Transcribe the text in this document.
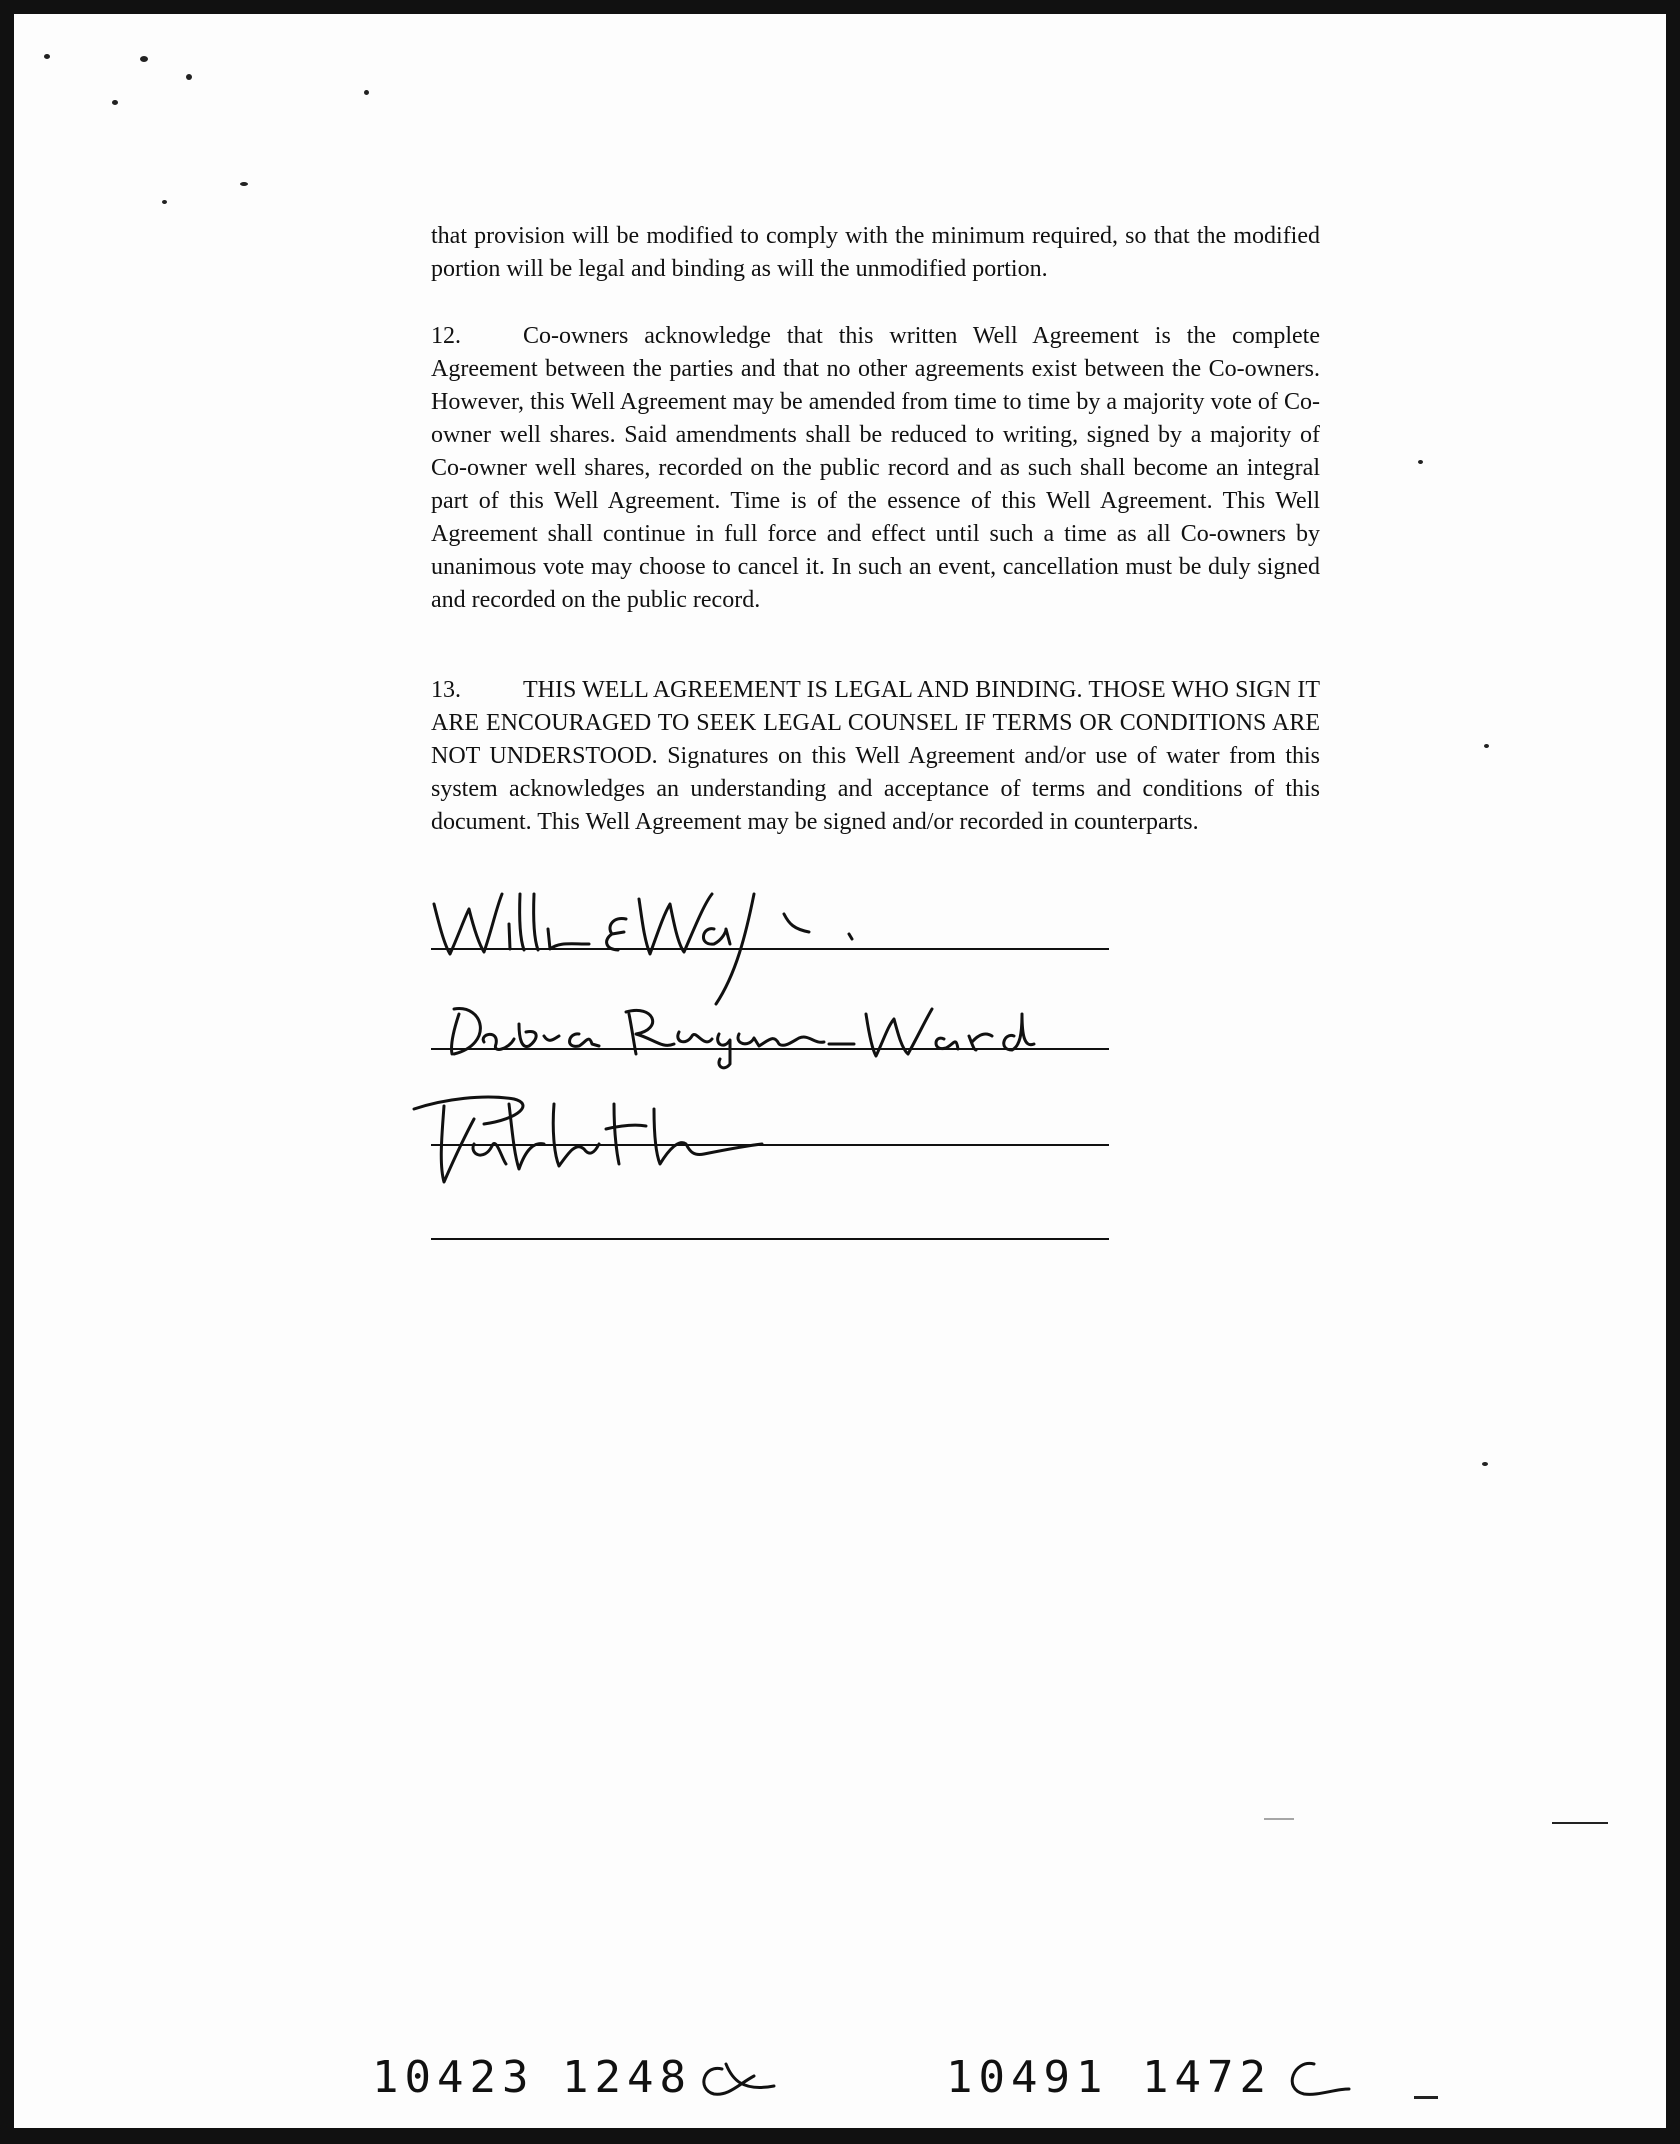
that provision will be modified to comply with the minimum required, so that the modified portion will be legal and binding as will the unmodified portion.
12.	Co-owners acknowledge that this written Well Agreement is the complete Agreement between the parties and that no other agreements exist between the Co-owners. However, this Well Agreement may be amended from time to time by a majority vote of Co-owner well shares. Said amendments shall be reduced to writing, signed by a majority of Co-owner well shares, recorded on the public record and as such shall become an integral part of this Well Agreement. Time is of the essence of this Well Agreement. This Well Agreement shall continue in full force and effect until such a time as all Co-owners by unanimous vote may choose to cancel it. In such an event, cancellation must be duly signed and recorded on the public record.
13.	THIS WELL AGREEMENT IS LEGAL AND BINDING. THOSE WHO SIGN IT ARE ENCOURAGED TO SEEK LEGAL COUNSEL IF TERMS OR CONDITIONS ARE NOT UNDERSTOOD. Signatures on this Well Agreement and/or use of water from this system acknowledges an understanding and acceptance of terms and conditions of this document. This Well Agreement may be signed and/or recorded in counterparts.
10423 1248	10491 1472
